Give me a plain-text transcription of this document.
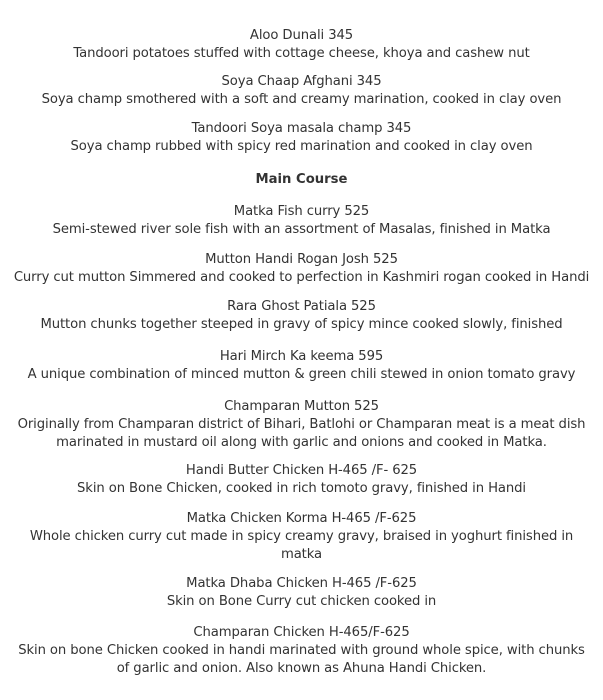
Aloo Dunali 345
Tandoori potatoes stuffed with cottage cheese, khoya and cashew nut
Soya Chaap Afghani 345
Soya champ smothered with a soft and creamy marination, cooked in clay oven
Tandoori Soya masala champ 345
Soya champ rubbed with spicy red marination and cooked in clay oven
Main Course
Matka Fish curry 525
Semi-stewed river sole fish with an assortment of Masalas, finished in Matka
Mutton Handi Rogan Josh 525
Curry cut mutton Simmered and cooked to perfection in Kashmiri rogan cooked in Handi
Rara Ghost Patiala 525
Mutton chunks together steeped in gravy of spicy mince cooked slowly, finished
Hari Mirch Ka keema 595
A unique combination of minced mutton & green chili stewed in onion tomato gravy
Champaran Mutton 525
Originally from Champaran district of Bihari, Batlohi or Champaran meat is a meat dish
marinated in mustard oil along with garlic and onions and cooked in Matka.
Handi Butter Chicken H-465 /F- 625
Skin on Bone Chicken, cooked in rich tomoto gravy, finished in Handi
Matka Chicken Korma H-465 /F-625
Whole chicken curry cut made in spicy creamy gravy, braised in yoghurt finished in
matka
Matka Dhaba Chicken H-465 /F-625
Skin on Bone Curry cut chicken cooked in
Champaran Chicken H-465/F-625
Skin on bone Chicken cooked in handi marinated with ground whole spice, with chunks
of garlic and onion. Also known as Ahuna Handi Chicken.
